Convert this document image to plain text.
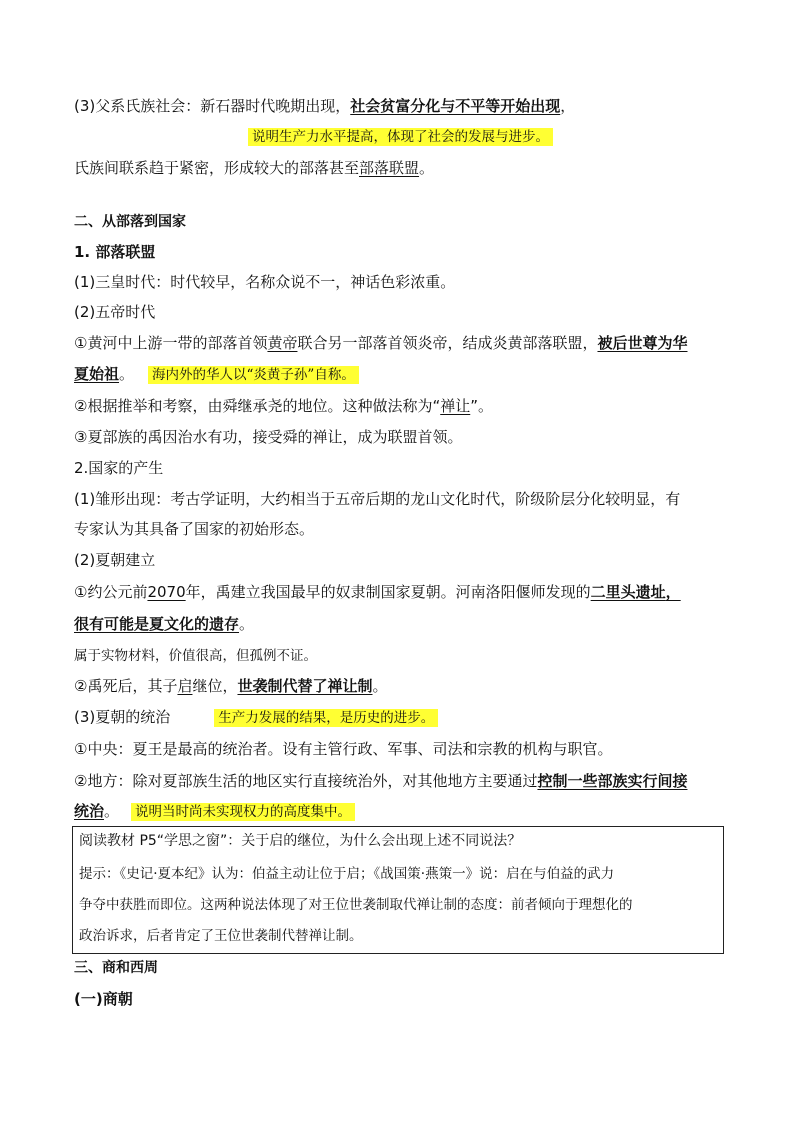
(3)父系氏族社会：新石器时代晚期出现，社会贫富分化与不平等开始出现，
说明生产力水平提高，体现了社会的发展与进步。
氏族间联系趋于紧密，形成较大的部落甚至部落联盟。
二、从部落到国家
1. 部落联盟
(1)三皇时代：时代较早，名称众说不一，神话色彩浓重。
(2)五帝时代
①黄河中上游一带的部落首领黄帝联合另一部落首领炎帝，结成炎黄部落联盟，被后世尊为华
夏始祖。 海内外的华人以“炎黄子孙”自称。
②根据推举和考察，由舜继承尧的地位。这种做法称为“禅让”。
③夏部族的禹因治水有功，接受舜的禅让，成为联盟首领。
2.国家的产生
(1)雏形出现：考古学证明，大约相当于五帝后期的龙山文化时代，阶级阶层分化较明显，有
专家认为其具备了国家的初始形态。
(2)夏朝建立
①约公元前2070年，禹建立我国最早的奴隶制国家夏朝。河南洛阳偃师发现的二里头遗址，
很有可能是夏文化的遗存。
属于实物材料，价值很高，但孤例不证。
②禹死后，其子启继位，世袭制代替了禅让制。
(3)夏朝的统治	生产力发展的结果，是历史的进步。
①中央：夏王是最高的统治者。设有主管行政、军事、司法和宗教的机构与职官。
②地方：除对夏部族生活的地区实行直接统治外，对其他地方主要通过控制一些部族实行间接
统治。 说明当时尚未实现权力的高度集中。
阅读教材 P5“学思之窗”：关于启的继位，为什么会出现上述不同说法？
提示：《史记·夏本纪》认为：伯益主动让位于启；《战国策·燕策一》说：启在与伯益的武力
争夺中获胜而即位。这两种说法体现了对王位世袭制取代禅让制的态度：前者倾向于理想化的
政治诉求，后者肯定了王位世袭制代替禅让制。
三、商和西周
(一)商朝
